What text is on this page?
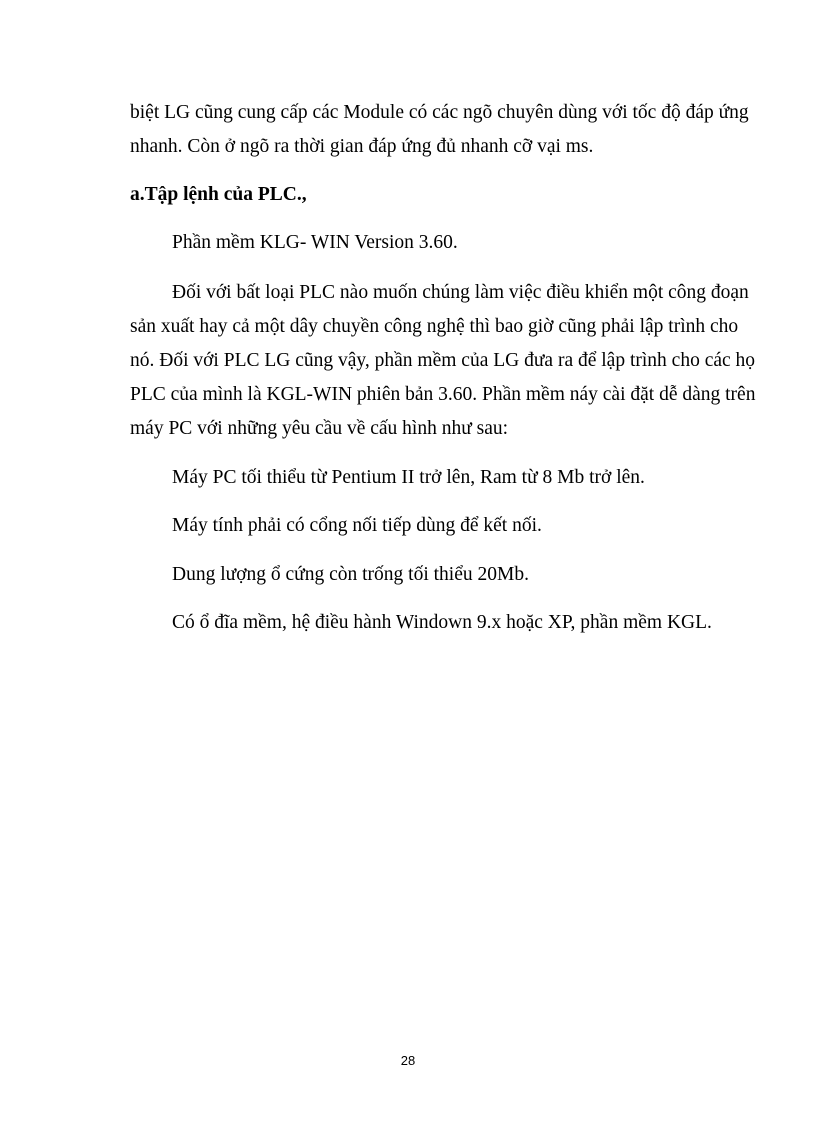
biệt LG cũng cung cấp các Module có các ngõ chuyên dùng với tốc độ đáp ứng
nhanh. Còn ở ngõ ra thời gian đáp ứng đủ nhanh cỡ vại ms.
a.Tập lệnh của PLC.,
Phần mềm KLG- WIN Version 3.60.
Đối với bất loại PLC nào muốn chúng làm việc điều khiển một công đoạn
sản xuất hay cả một dây chuyền công nghệ thì bao giờ cũng phải lập trình cho
nó. Đối với PLC LG cũng vậy, phần mềm của LG đưa ra để lập trình cho các họ
PLC của mình là KGL-WIN phiên bản 3.60. Phần mềm náy cài đặt dễ dàng trên
máy PC với những yêu cầu về cấu hình như sau:
Máy PC tối thiểu từ Pentium II trở lên, Ram từ 8 Mb trở lên.
Máy tính phải có cổng nối tiếp dùng để kết nối.
Dung lượng ổ cứng còn trống tối thiểu 20Mb.
Có ổ đĩa mềm, hệ điều hành Windown 9.x hoặc XP, phần mềm KGL.
28
